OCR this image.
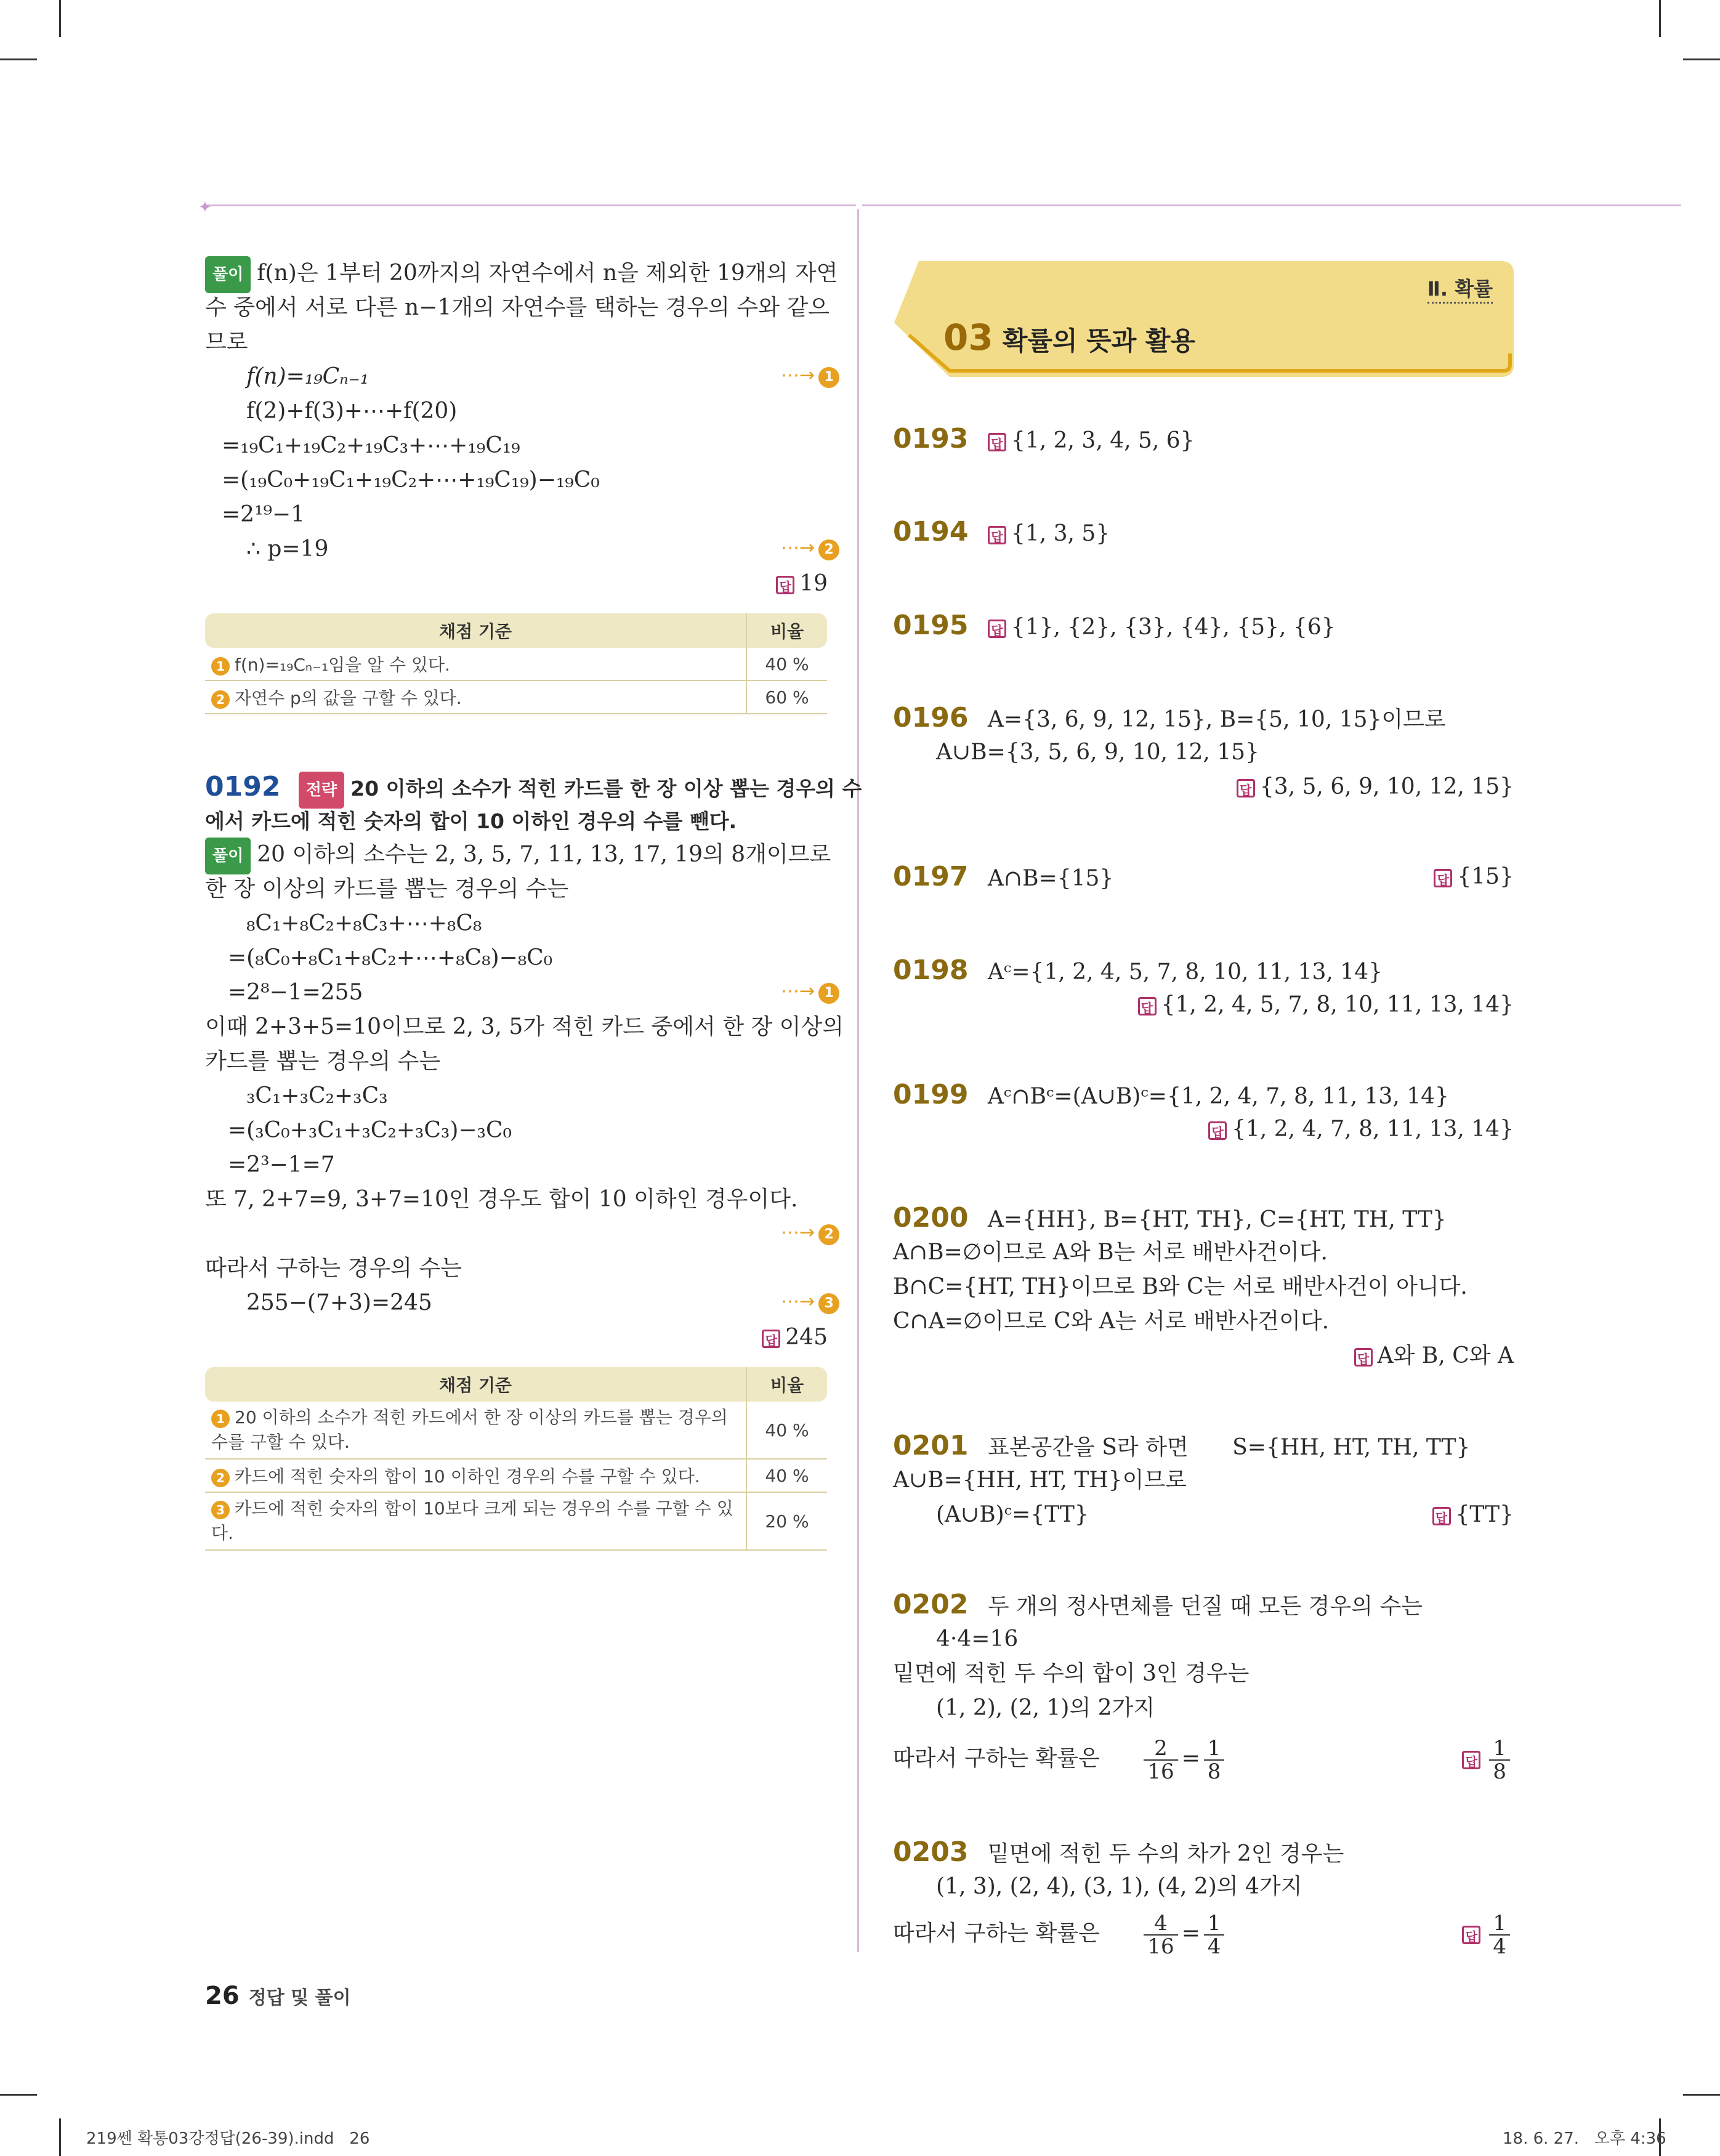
✦
풀이 f(n)은 1부터 20까지의 자연수에서 n을 제외한 19개의 자연
수 중에서 서로 다른 n−1개의 자연수를 택하는 경우의 수와 같으
므로
f(n)=₁₉Cₙ₋₁	⋯→ 1
f(2)+f(3)+⋯+f(20)
=₁₉C₁+₁₉C₂+₁₉C₃+⋯+₁₉C₁₉
=(₁₉C₀+₁₉C₁+₁₉C₂+⋯+₁₉C₁₉)−₁₉C₀
=2¹⁹−1
∴ p=19	⋯→ 2
답 19
채점 기준	비율
1 f(n)=₁₉Cₙ₋₁임을 알 수 있다.	40 %
2 자연수 p의 값을 구할 수 있다.	60 %
0192 전략 20 이하의 소수가 적힌 카드를 한 장 이상 뽑는 경우의 수
에서 카드에 적힌 숫자의 합이 10 이하인 경우의 수를 뺀다.
풀이 20 이하의 소수는 2, 3, 5, 7, 11, 13, 17, 19의 8개이므로
한 장 이상의 카드를 뽑는 경우의 수는
₈C₁+₈C₂+₈C₃+⋯+₈C₈
=(₈C₀+₈C₁+₈C₂+⋯+₈C₈)−₈C₀
=2⁸−1=255	⋯→ 1
이때 2+3+5=10이므로 2, 3, 5가 적힌 카드 중에서 한 장 이상의
카드를 뽑는 경우의 수는
₃C₁+₃C₂+₃C₃
=(₃C₀+₃C₁+₃C₂+₃C₃)−₃C₀
=2³−1=7
또 7, 2+7=9, 3+7=10인 경우도 합이 10 이하인 경우이다.
⋯→ 2
따라서 구하는 경우의 수는
255−(7+3)=245	⋯→ 3
답 245
채점 기준	비율
1 20 이하의 소수가 적힌 카드에서 한 장 이상의 카드를 뽑는 경우의 수를 구할 수 있다.	40 %
2 카드에 적힌 숫자의 합이 10 이하인 경우의 수를 구할 수 있다.	40 %
3 카드에 적힌 숫자의 합이 10보다 크게 되는 경우의 수를 구할 수 있다.	20 %
Ⅱ. 확률
03 확률의 뜻과 활용
0193 답 {1, 2, 3, 4, 5, 6}
0194 답 {1, 3, 5}
0195 답 {1}, {2}, {3}, {4}, {5}, {6}
0196 A={3, 6, 9, 12, 15}, B={5, 10, 15}이므로
A∪B={3, 5, 6, 9, 10, 12, 15}
답 {3, 5, 6, 9, 10, 12, 15}
0197 A∩B={15}	답 {15}
0198 Aᶜ={1, 2, 4, 5, 7, 8, 10, 11, 13, 14}
답 {1, 2, 4, 5, 7, 8, 10, 11, 13, 14}
0199 Aᶜ∩Bᶜ=(A∪B)ᶜ={1, 2, 4, 7, 8, 11, 13, 14}
답 {1, 2, 4, 7, 8, 11, 13, 14}
0200 A={HH}, B={HT, TH}, C={HT, TH, TT}
A∩B=∅이므로 A와 B는 서로 배반사건이다.
B∩C={HT, TH}이므로 B와 C는 서로 배반사건이 아니다.
C∩A=∅이므로 C와 A는 서로 배반사건이다.
답 A와 B, C와 A
0201 표본공간을 S라 하면 S={HH, HT, TH, TT}
A∪B={HH, HT, TH}이므로
(A∪B)ᶜ={TT}	답 {TT}
0202 두 개의 정사면체를 던질 때 모든 경우의 수는
4·4=16
밑면에 적힌 두 수의 합이 3인 경우는
(1, 2), (2, 1)의 2가지
따라서 구하는 확률은 $\frac{2}{16} = \frac{1}{8}$	답 $\frac{1}{8}$
0203 밑면에 적힌 두 수의 차가 2인 경우는
(1, 3), (2, 4), (3, 1), (4, 2)의 4가지
따라서 구하는 확률은 $\frac{4}{16} = \frac{1}{4}$	답 $\frac{1}{4}$
26 정답 및 풀이
219쎈 확통03강정답(26-39).indd   26	18. 6. 27.   오후 4:36
